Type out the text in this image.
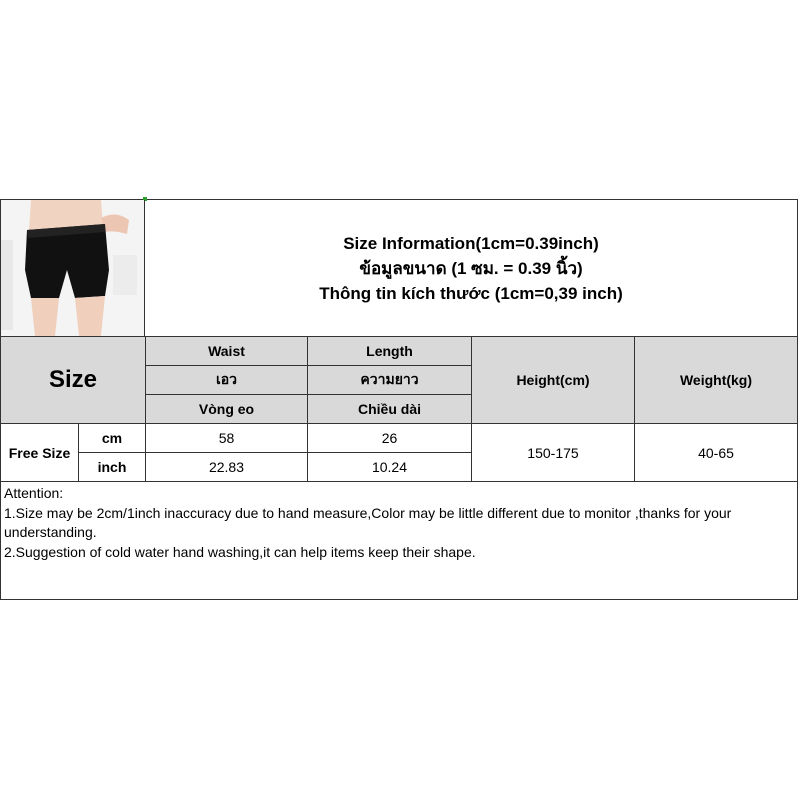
Size Information(1cm=0.39inch)
ข้อมูลขนาด (1 ซม. = 0.39 นิ้ว)
Thông tin kích thước (1cm=0,39 inch)
Size		Waist	Length	Height(cm)	Weight(kg)
		เอว	ความยาว		
		Vòng eo	Chiều dài		
Free Size	cm	58	26	150-175	40-65
	inch	22.83	10.24		
Attention:
1.Size may be 2cm/1inch inaccuracy due to hand measure,Color may be little different due to monitor ,thanks for your understanding.
2.Suggestion of cold water hand washing,it can help items keep their shape.
